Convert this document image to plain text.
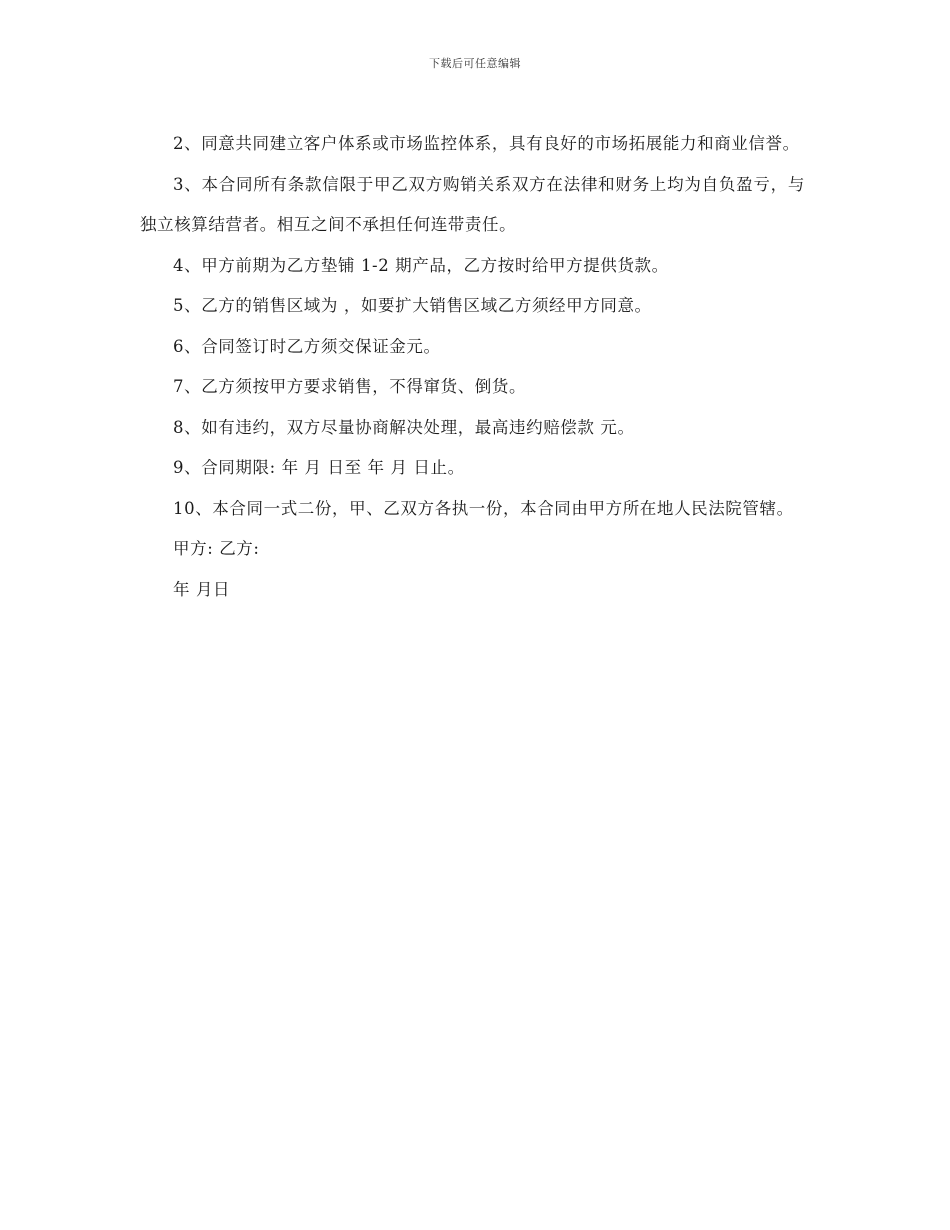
下载后可任意编辑

2、同意共同建立客户体系或市场监控体系，具有良好的市场拓展能力和商业信誉。

3、本合同所有条款信限于甲乙双方购销关系双方在法律和财务上均为自负盈亏，与独立核算结营者。相互之间不承担任何连带责任。

4、甲方前期为乙方垫铺 1-2 期产品，乙方按时给甲方提供货款。

5、乙方的销售区域为 ，如要扩大销售区域乙方须经甲方同意。

6、合同签订时乙方须交保证金元。

7、乙方须按甲方要求销售，不得窜货、倒货。

8、如有违约，双方尽量协商解决处理，最高违约赔偿款 元。

9、合同期限: 年 月 日至 年 月 日止。

10、本合同一式二份，甲、乙双方各执一份，本合同由甲方所在地人民法院管辖。

甲方: 乙方:

年 月日
